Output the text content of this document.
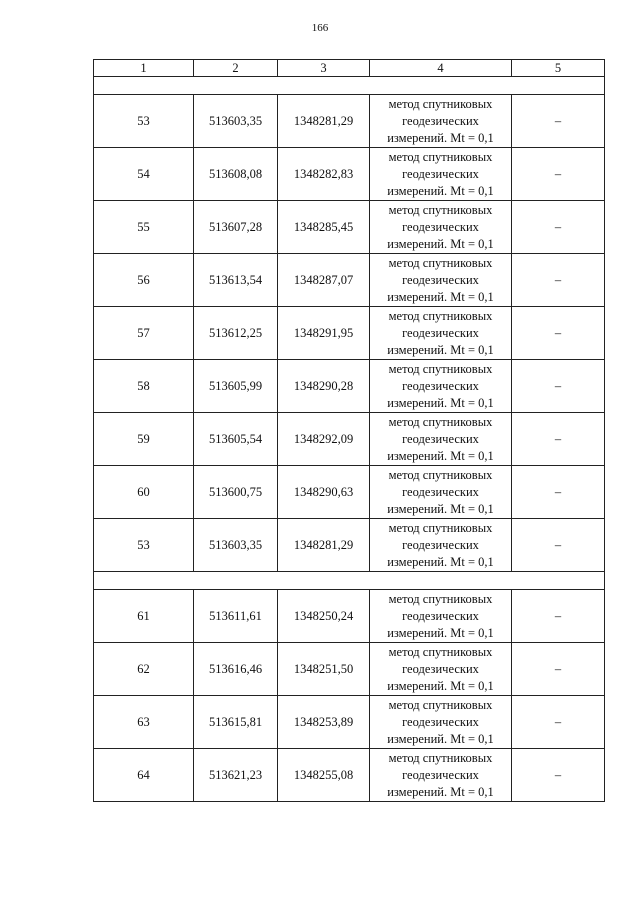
166
1	2	3	4	5

53	513603,35	1348281,29	метод спутниковых
геодезических
измерений. Mt = 0,1	–
54	513608,08	1348282,83	метод спутниковых
геодезических
измерений. Mt = 0,1	–
55	513607,28	1348285,45	метод спутниковых
геодезических
измерений. Mt = 0,1	–
56	513613,54	1348287,07	метод спутниковых
геодезических
измерений. Mt = 0,1	–
57	513612,25	1348291,95	метод спутниковых
геодезических
измерений. Mt = 0,1	–
58	513605,99	1348290,28	метод спутниковых
геодезических
измерений. Mt = 0,1	–
59	513605,54	1348292,09	метод спутниковых
геодезических
измерений. Mt = 0,1	–
60	513600,75	1348290,63	метод спутниковых
геодезических
измерений. Mt = 0,1	–
53	513603,35	1348281,29	метод спутниковых
геодезических
измерений. Mt = 0,1	–

61	513611,61	1348250,24	метод спутниковых
геодезических
измерений. Mt = 0,1	–
62	513616,46	1348251,50	метод спутниковых
геодезических
измерений. Mt = 0,1	–
63	513615,81	1348253,89	метод спутниковых
геодезических
измерений. Mt = 0,1	–
64	513621,23	1348255,08	метод спутниковых
геодезических
измерений. Mt = 0,1	–
